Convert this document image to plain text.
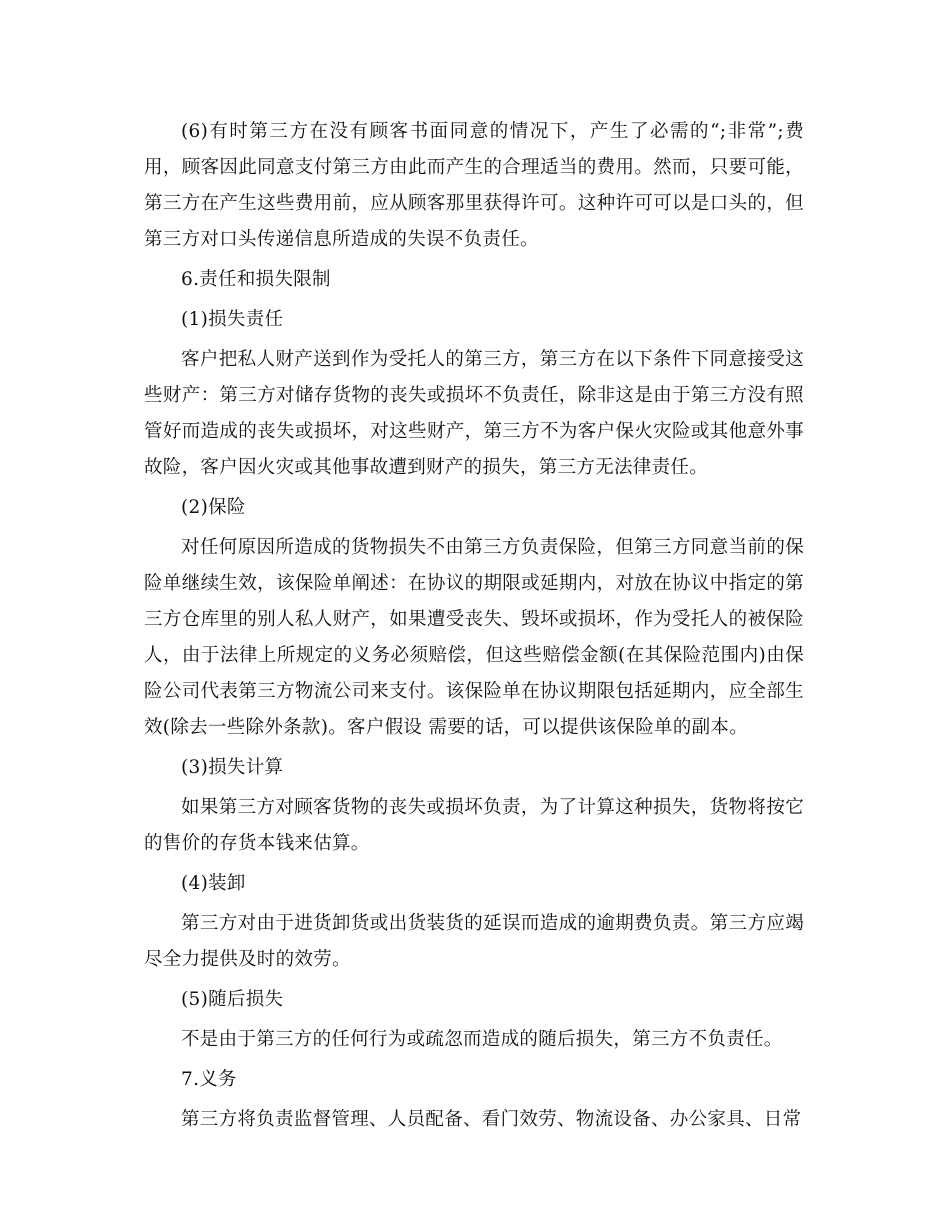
(6)有时第三方在没有顾客书面同意的情况下，产生了必需的“;非常”;费用，顾客因此同意支付第三方由此而产生的合理适当的费用。然而，只要可能，第三方在产生这些费用前，应从顾客那里获得许可。这种许可可以是口头的，但第三方对口头传递信息所造成的失误不负责任。

6.责任和损失限制

(1)损失责任

客户把私人财产送到作为受托人的第三方，第三方在以下条件下同意接受这些财产：第三方对储存货物的丧失或损坏不负责任，除非这是由于第三方没有照管好而造成的丧失或损坏，对这些财产，第三方不为客户保火灾险或其他意外事故险，客户因火灾或其他事故遭到财产的损失，第三方无法律责任。

(2)保险

对任何原因所造成的货物损失不由第三方负责保险，但第三方同意当前的保险单继续生效，该保险单阐述：在协议的期限或延期内，对放在协议中指定的第三方仓库里的别人私人财产，如果遭受丧失、毁坏或损坏，作为受托人的被保险人，由于法律上所规定的义务必须赔偿，但这些赔偿金额(在其保险范围内)由保险公司代表第三方物流公司来支付。该保险单在协议期限包括延期内，应全部生效(除去一些除外条款)。客户假设 需要的话，可以提供该保险单的副本。

(3)损失计算

如果第三方对顾客货物的丧失或损坏负责，为了计算这种损失，货物将按它的售价的存货本钱来估算。

(4)装卸

第三方对由于进货卸货或出货装货的延误而造成的逾期费负责。第三方应竭尽全力提供及时的效劳。

(5)随后损失

不是由于第三方的任何行为或疏忽而造成的随后损失，第三方不负责任。

7.义务

第三方将负责监督管理、人员配备、看门效劳、物流设备、办公家具、日常
